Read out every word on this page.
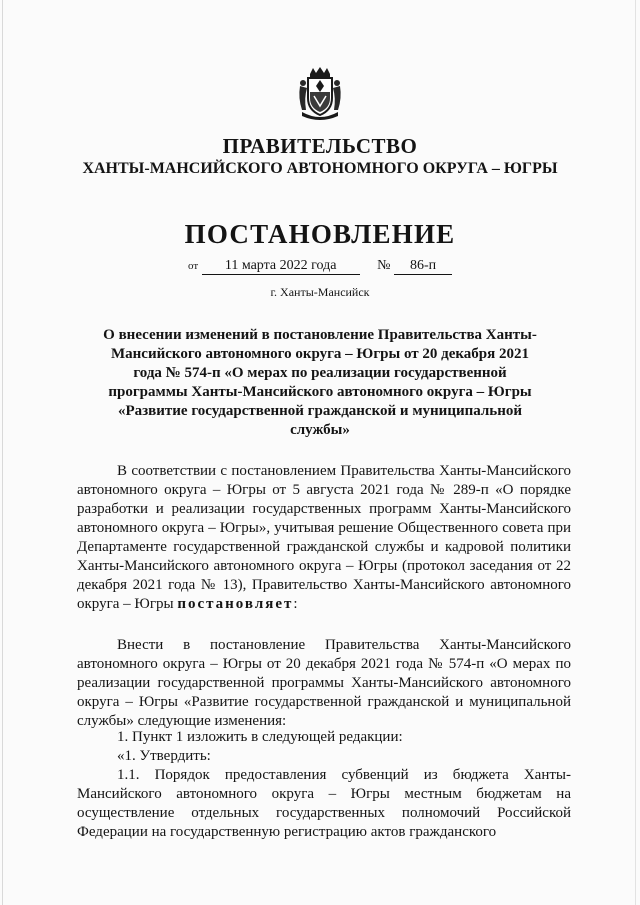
ПРАВИТЕЛЬСТВО
ХАНТЫ-МАНСИЙСКОГО АВТОНОМНОГО ОКРУГА – ЮГРЫ
ПОСТАНОВЛЕНИЕ
от 11 марта 2022 года	№ 86-п
г. Ханты-Мансийск
О внесении изменений в постановление Правительства Ханты-Мансийского автономного округа – Югры от 20 декабря 2021 года № 574-п «О мерах по реализации государственной программы Ханты-Мансийского автономного округа – Югры «Развитие государственной гражданской и муниципальной службы»
В соответствии с постановлением Правительства Ханты-Мансийского автономного округа – Югры от 5 августа 2021 года № 289-п «О порядке разработки и реализации государственных программ Ханты-Мансийского автономного округа – Югры», учитывая решение Общественного совета при Департаменте государственной гражданской службы и кадровой политики Ханты-Мансийского автономного округа – Югры (протокол заседания от 22 декабря 2021 года № 13), Правительство Ханты-Мансийского автономного округа – Югры постановляет:
Внести в постановление Правительства Ханты-Мансийского автономного округа – Югры от 20 декабря 2021 года № 574-п «О мерах по реализации государственной программы Ханты-Мансийского автономного округа – Югры «Развитие государственной гражданской и муниципальной службы» следующие изменения:
1. Пункт 1 изложить в следующей редакции:
«1. Утвердить:
1.1. Порядок предоставления субвенций из бюджета Ханты-Мансийского автономного округа – Югры местным бюджетам на осуществление отдельных государственных полномочий Российской Федерации на государственную регистрацию актов гражданского
